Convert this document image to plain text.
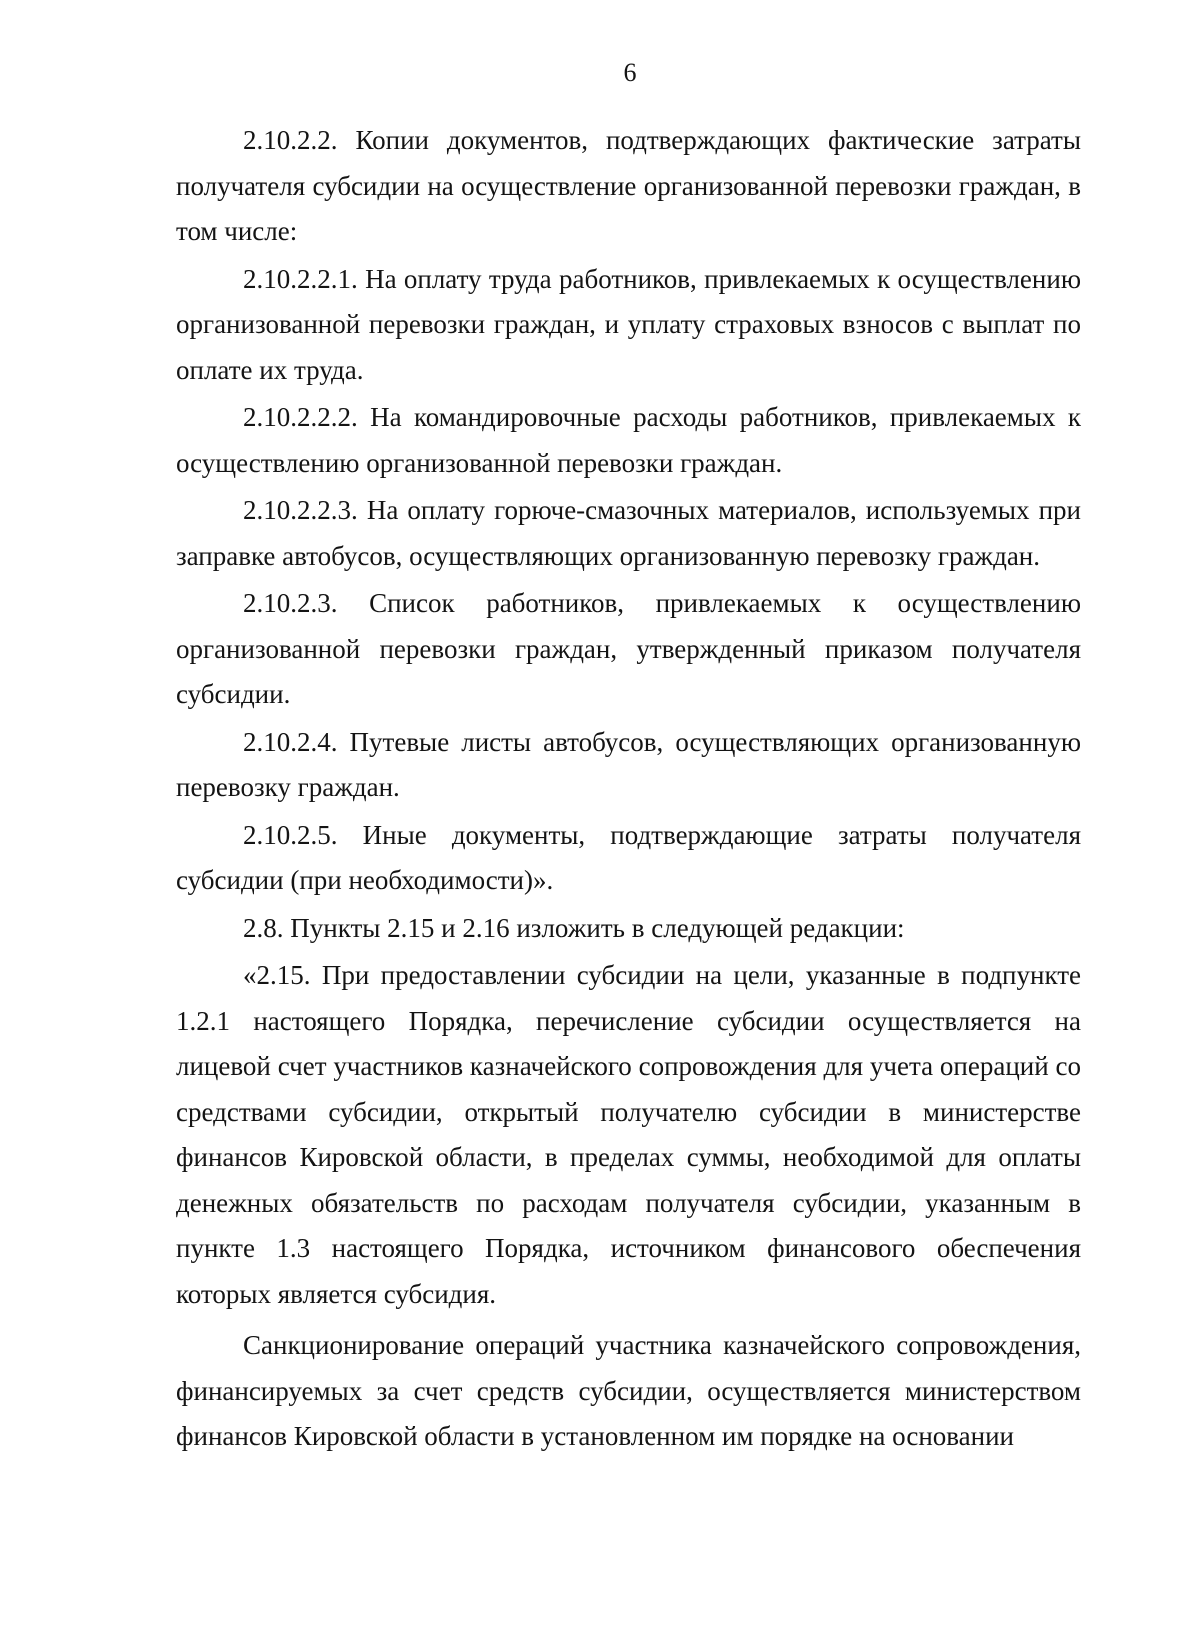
6

2.10.2.2. Копии документов, подтверждающих фактические затраты получателя субсидии на осуществление организованной перевозки граждан, в том числе:

2.10.2.2.1. На оплату труда работников, привлекаемых к осуществлению организованной перевозки граждан, и уплату страховых взносов с выплат по оплате их труда.

2.10.2.2.2. На командировочные расходы работников, привлекаемых к осуществлению организованной перевозки граждан.

2.10.2.2.3. На оплату горюче-смазочных материалов, используемых при заправке автобусов, осуществляющих организованную перевозку граждан.

2.10.2.3. Список работников, привлекаемых к осуществлению организованной перевозки граждан, утвержденный приказом получателя субсидии.

2.10.2.4. Путевые листы автобусов, осуществляющих организованную перевозку граждан.

2.10.2.5. Иные документы, подтверждающие затраты получателя субсидии (при необходимости)».

2.8. Пункты 2.15 и 2.16 изложить в следующей редакции:

«2.15. При предоставлении субсидии на цели, указанные в подпункте 1.2.1 настоящего Порядка, перечисление субсидии осуществляется на лицевой счет участников казначейского сопровождения для учета операций со средствами субсидии, открытый получателю субсидии в министерстве финансов Кировской области, в пределах суммы, необходимой для оплаты денежных обязательств по расходам получателя субсидии, указанным в пункте 1.3 настоящего Порядка, источником финансового обеспечения которых является субсидия.

Санкционирование операций участника казначейского сопровождения, финансируемых за счет средств субсидии, осуществляется министерством финансов Кировской области в установленном им порядке на основании
